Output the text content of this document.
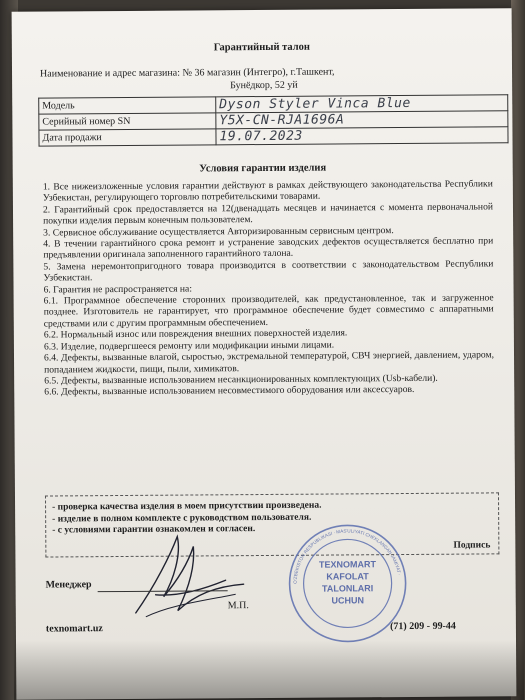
Гарантийный талон
Наименование и адрес магазина: № 36 магазин (Интегро), г.Ташкент,
Бунёдкор, 52 уй
Модель	Dyson Styler Vinca Blue
Серийный номер SN	Y5X-CN-RJA1696A
Дата продажи	19.07.2023
Условия гарантии изделия

1. Все нижеизложенные условия гарантии действуют в рамках действующего законодательства Республики Узбекистан, регулирующего торговлю потребительскими товарами.

2. Гарантийный срок предоставляется на 12(двенадцать месяцев и начинается с момента первоначальной покупки изделия первым конечным пользователем.

3. Сервисное обслуживание осуществляется Авторизированным сервисным центром.

4. В течении гарантийного срока ремонт и устранение заводских дефектов осуществляется бесплатно при предъявлении оригинала заполненного гарантийного талона.

5. Замена неремонтопригодного товара производится в соответствии с законодательством Республики Узбекистан.

6. Гарантия не распространяется на:

6.1. Программное обеспечение сторонних производителей, как предустановленное, так и загруженное позднее. Изготовитель не гарантирует, что программное обеспечение будет совместимо с аппаратными средствами или с другим программным обеспечением.

6.2. Нормальный износ или повреждения внешних поверхностей изделия.

6.3. Изделие, подвергшееся ремонту или модификации иными лицами.

6.4. Дефекты, вызванные влагой, сыростью, экстремальной температурой, СВЧ энергией, давлением, ударом, попаданием жидкости, пищи, пыли, химикатов.

6.5. Дефекты, вызванные использованием несанкционированных комплектующих (Usb-кабели).

6.6. Дефекты, вызванные использованием несовместимого оборудования или аксессуаров.

- проверка качества изделия в моем присутствии произведена.
- изделие в полном комплекте с руководством пользователя.
- с условиями гарантии ознакомлен и согласен.
Подпись
O'ZBEKISTON RESPUBLIKASI · MAS'ULIYATI CHEKLANGAN JAMIYAT ·
TEXNOMART
KAFOLAT
TALONLARI
UCHUN
Менеджер
М.П.
texnomart.uz	(71) 209 - 99-44
